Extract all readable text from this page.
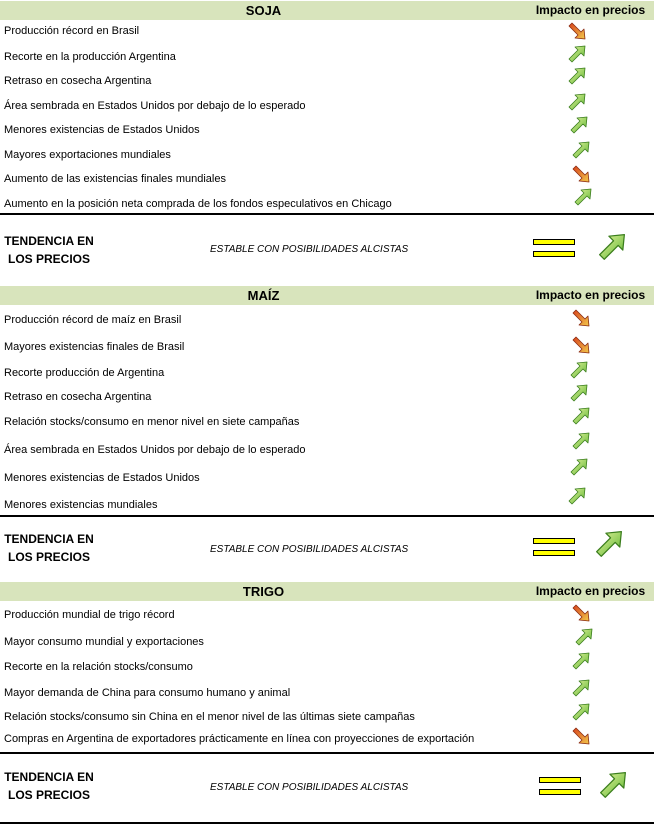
SOJA	Impacto en precios
Producción récord en Brasil
Recorte en la producción Argentina
Retraso en cosecha Argentina
Área sembrada en Estados Unidos por debajo de lo esperado
Menores existencias de Estados Unidos
Mayores exportaciones mundiales
Aumento de las existencias finales mundiales
Aumento en la posición neta comprada de los fondos especulativos en Chicago
TENDENCIA EN
LOS PRECIOS
ESTABLE CON POSIBILIDADES ALCISTAS
MAÍZ	Impacto en precios
Producción récord de maíz en Brasil
Mayores existencias finales de Brasil
Recorte producción de Argentina
Retraso en cosecha Argentina
Relación stocks/consumo en menor nivel en siete campañas
Área sembrada en Estados Unidos por debajo de lo esperado
Menores existencias de Estados Unidos
Menores existencias mundiales
TENDENCIA EN
LOS PRECIOS
ESTABLE CON POSIBILIDADES ALCISTAS
TRIGO	Impacto en precios
Producción mundial de trigo récord
Mayor consumo mundial y exportaciones
Recorte en la relación stocks/consumo
Mayor demanda de China para consumo humano y animal
Relación stocks/consumo sin China en el menor nivel de las últimas siete campañas
Compras en Argentina de exportadores prácticamente en línea con proyecciones de exportación
TENDENCIA EN
LOS PRECIOS
ESTABLE CON POSIBILIDADES ALCISTAS
